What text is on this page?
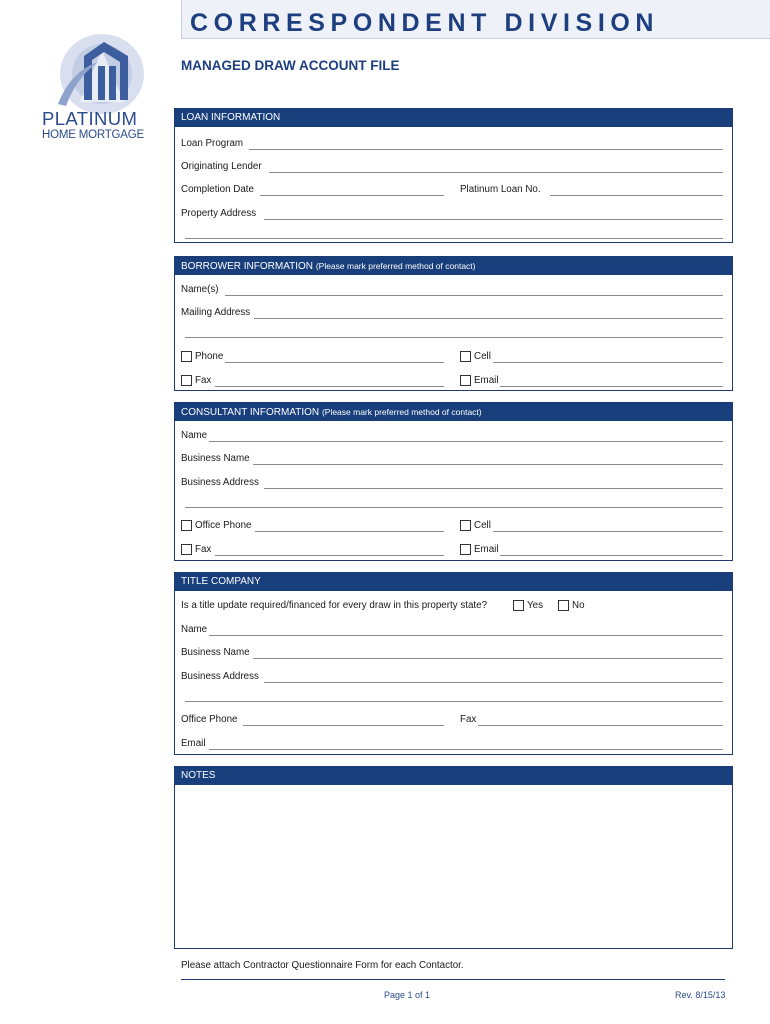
CORRESPONDENT DIVISION
MANAGED DRAW ACCOUNT FILE
PLATINUM
HOME MORTGAGE
LOAN INFORMATION
Loan Program
Originating Lender
Completion Date	Platinum Loan No.
Property Address
BORROWER INFORMATION (Please mark preferred method of contact)
Name(s)
Mailing Address
Phone	Cell
Fax	Email
CONSULTANT INFORMATION (Please mark preferred method of contact)
Name
Business Name
Business Address
Office Phone	Cell
Fax	Email
TITLE COMPANY
Is a title update required/financed for every draw in this property state?	Yes	No
Name
Business Name
Business Address
Office Phone	Fax
Email
NOTES
Please attach Contractor Questionnaire Form for each Contactor.
Page 1 of 1	Rev. 8/15/13
